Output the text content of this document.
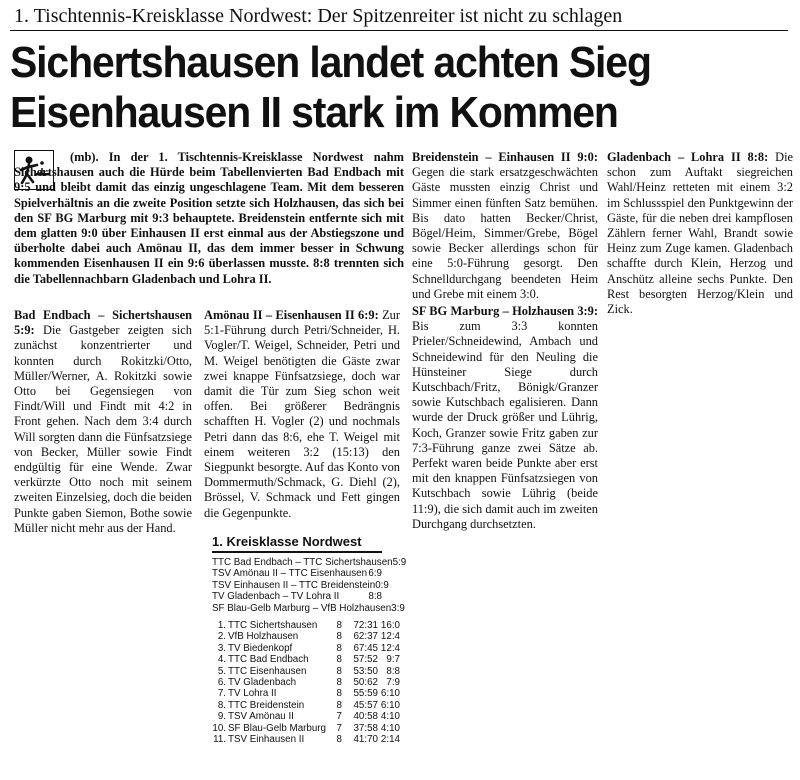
1. Tischtennis-Kreisklasse Nordwest: Der Spitzenreiter ist nicht zu schlagen
Sichertshausen landet achten Sieg
Eisenhausen II stark im Kommen

(mb). In der 1. Tischtennis-Kreisklasse Nordwest nahm Sichertshausen auch die Hürde beim Tabellenvierten Bad Endbach mit 9:5 und bleibt damit das einzig ungeschlagene Team. Mit dem besseren Spielverhältnis an die zweite Position setzte sich Holzhausen, das sich bei den SF BG Marburg mit 9:3 behauptete. Breidenstein entfernte sich mit dem glatten 9:0 über Einhausen II erst einmal aus der Abstiegszone und überholte dabei auch Amönau II, das dem immer besser in Schwung kommenden Eisenhausen II ein 9:6 überlassen musste. 8:8 trennten sich die Tabellennachbarn Gladenbach und Lohra II.

Bad Endbach – Sichertshausen 5:9: Die Gastgeber zeigten sich zunächst konzentrierter und konnten durch Rokitzki/Otto, Müller/Werner, A. Rokitzki sowie Otto bei Gegensiegen von Findt/Will und Findt mit 4:2 in Front gehen. Nach dem 3:4 durch Will sorgten dann die Fünfsatzsiege von Becker, Müller sowie Findt endgültig für eine Wende. Zwar verkürzte Otto noch mit seinem zweiten Einzelsieg, doch die beiden Punkte gaben Siemon, Bothe sowie Müller nicht mehr aus der Hand.

Amönau II – Eisenhausen II 6:9: Zur 5:1-Führung durch Petri/Schneider, H. Vogler/T. Weigel, Schneider, Petri und M. Weigel benötigten die Gäste zwar zwei knappe Fünfsatzsiege, doch war damit die Tür zum Sieg schon weit offen. Bei größerer Bedrängnis schafften H. Vogler (2) und nochmals Petri dann das 8:6, ehe T. Weigel mit einem weiteren 3:2 (15:13) den Siegpunkt besorgte. Auf das Konto von Dommermuth/Schmack, G. Diehl (2), Brössel, V. Schmack und Fett gingen die Gegenpunkte.

Breidenstein – Einhausen II 9:0: Gegen die stark ersatzgeschwächten Gäste mussten einzig Christ und Simmer einen fünften Satz bemühen. Bis dato hatten Becker/Christ, Bögel/Heim, Simmer/Grebe, Bögel sowie Becker allerdings schon für eine 5:0-Führung gesorgt. Den Schnelldurchgang beendeten Heim und Grebe mit einem 3:0.

SF BG Marburg – Holzhausen 3:9: Bis zum 3:3 konnten Prieler/Schneidewind, Ambach und Schneidewind für den Neuling die Hünsteiner Siege durch Kutschbach/Fritz, Bönigk/Granzer sowie Kutschbach egalisieren. Dann wurde der Druck größer und Lührig, Koch, Granzer sowie Fritz gaben zur 7:3-Führung ganze zwei Sätze ab. Perfekt waren beide Punkte aber erst mit den knappen Fünfsatzsiegen von Kutschbach sowie Lührig (beide 11:9), die sich damit auch im zweiten Durchgang durchsetzten.

Gladenbach – Lohra II 8:8: Die schon zum Auftakt siegreichen Wahl/Heinz retteten mit einem 3:2 im Schlussspiel den Punktgewinn der Gäste, für die neben drei kampflosen Zählern ferner Wahl, Brandt sowie Heinz zum Zuge kamen. Gladenbach schaffte durch Klein, Herzog und Anschütz alleine sechs Punkte. Den Rest besorgten Herzog/Klein und Zick.

1. Kreisklasse Nordwest
TTC Bad Endbach – TTC Sichertshausen 5:9
TSV Amönau II – TTC Eisenhausen 6:9
TSV Einhausen II – TTC Breidenstein 0:9
TV Gladenbach – TV Lohra II	8:8
SF Blau-Gelb Marburg – VfB Holzhausen 3:9
1. TTC Sichertshausen	8	72:31 16:0
2. VfB Holzhausen	8	62:37 12:4
3. TV Biedenkopf	8	67:45 12:4
4. TTC Bad Endbach	8	57:52 9:7
5. TTC Eisenhausen	8	53:50 8:8
6. TV Gladenbach	8	50:62 7:9
7. TV Lohra II	8	55:59 6:10
8. TTC Breidenstein	8	45:57 6:10
9. TSV Amönau II	7	40:58 4:10
10. SF Blau-Gelb Marburg	7	37:58 4:10
11. TSV Einhausen II	8	41:70 2:14
